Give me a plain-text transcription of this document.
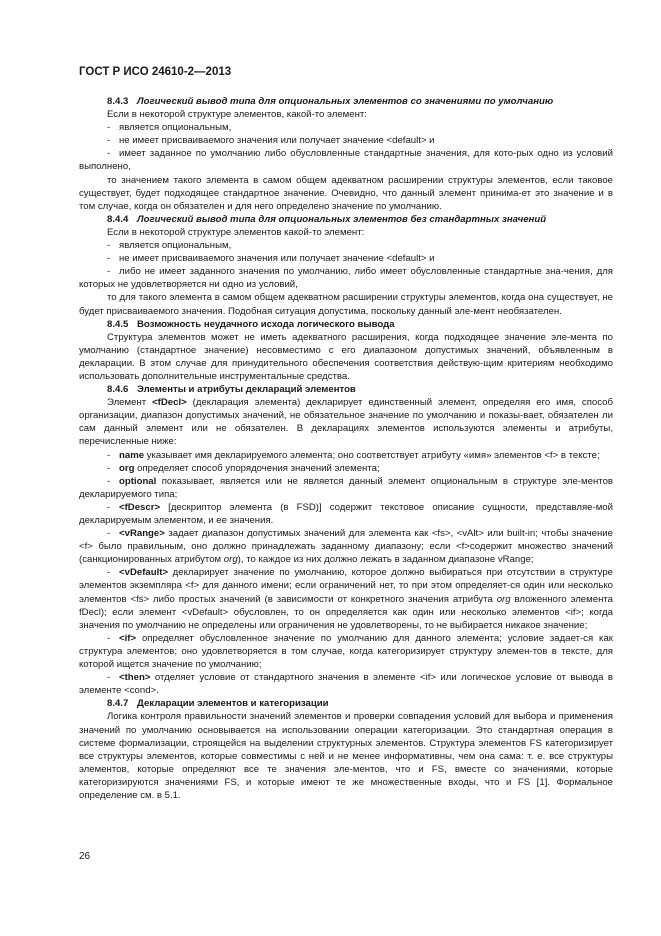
ГОСТ Р ИСО 24610-2—2013

8.4.3 Логический вывод типа для опциональных элементов со значениями по умолчанию

Если в некоторой структуре элементов, какой-то элемент:

- является опциональным,

- не имеет присваиваемого значения или получает значение <default> и

- имеет заданное по умолчанию либо обусловленные стандартные значения, для кото-рых одно из условий выполнено,

то значением такого элемента в самом общем адекватном расширении структуры элементов, если таковое существует, будет подходящее стандартное значение. Очевидно, что данный элемент принима-ет это значение и в том случае, когда он обязателен и для него определено значение по умолчанию.

8.4.4 Логический вывод типа для опциональных элементов без стандартных значений

Если в некоторой структуре элементов какой-то элемент:

- является опциональным,

- не имеет присваиваемого значения или получает значение <default> и

- либо не имеет заданного значения по умолчанию, либо имеет обусловленные стандартные зна-чения, для которых не удовлетворяется ни одно из условий,

то для такого элемента в самом общем адекватном расширении структуры элементов, когда она существует, не будет присваиваемого значения. Подобная ситуация допустима, поскольку данный эле-мент необязателен.

8.4.5 Возможность неудачного исхода логического вывода

Структура элементов может не иметь адекватного расширения, когда подходящее значение эле-мента по умолчанию (стандартное значение) несовместимо с его диапазоном допустимых значений, объявленным в декларации. В этом случае для принудительного обеспечения соответствия действую-щим критериям необходимо использовать дополнительные инструментальные средства.

8.4.6 Элементы и атрибуты деклараций элементов

Элемент <fDecl> (декларация элемента) декларирует единственный элемент, определяя его имя, способ организации, диапазон допустимых значений, не обязательное значение по умолчанию и показы-вает, обязателен ли сам данный элемент или не обязателен. В декларациях элементов используются элементы и атрибуты, перечисленные ниже:

- name указывает имя декларируемого элемента; оно соответствует атрибуту «имя» элементов <f> в тексте;

- org определяет способ упорядочения значений элемента;

- optional показывает, является или не является данный элемент опциональным в структуре эле-ментов декларируемого типа;

- <fDescr> [дескриптор элемента (в FSD)] содержит текстовое описание сущности, представляе-мой декларируемым элементом, и ее значения.

- <vRange> задает диапазон допустимых значений для элемента как <fs>, <vAlt> или built-in; чтобы значение <f> было правильным, оно должно принадлежать заданному диапазону; если <f>содержит множество значений (санкционированных атрибутом org), то каждое из них должно лежать в заданном диапазоне vRange;

- <vDefault> декларирует значение по умолчанию, которое должно выбираться при отсутствии в структуре элементов экземпляра <f> для данного имени; если ограничений нет, то при этом определяет-ся один или несколько элементов <fs> либо простых значений (в зависимости от конкретного значения атрибута org вложенного элемента fDecl); если элемент <vDefault> обусловлен, то он определяется как один или несколько элементов <if>; когда значения по умолчанию не определены или ограничения не удовлетворены, то не выбирается никакое значение;

- <if> определяет обусловленное значение по умолчанию для данного элемента; условие задает-ся как структура элементов; оно удовлетворяется в том случае, когда категоризирует структуру элемен-тов в тексте, для которой ищется значение по умолчанию;

- <then> отделяет условие от стандартного значения в элементе <if> или логическое условие от вывода в элементе <cond>.

8.4.7 Декларации элементов и категоризации

Логика контроля правильности значений элементов и проверки совпадения условий для выбора и применения значений по умолчанию основывается на использовании операции категоризации. Это стандартная операция в системе формализации, строящейся на выделении структурных элементов. Структура элементов FS категоризирует все структуры элементов, которые совместимы с ней и не менее информативны, чем она сама: т. е. все структуры элементов, которые определяют все те значения эле-ментов, что и FS, вместе со значениями, которые категоризируются значениями FS, и которые имеют те же множественные входы, что и FS [1]. Формальное определение см. в 5.1.

26
